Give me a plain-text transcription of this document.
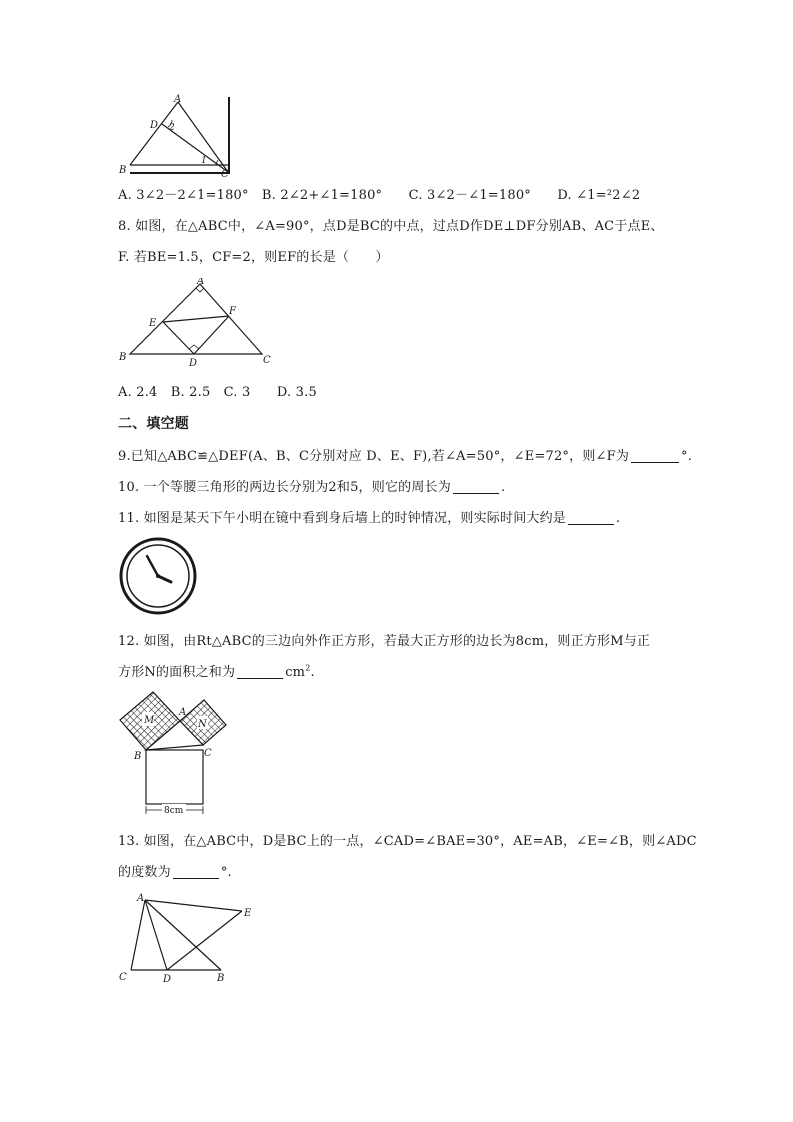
A
B	C
D 2
1
A. 3∠2－2∠1=180°　B. 2∠2+∠1=180°　　C. 3∠2－∠1=180°　　D. ∠1=²2∠2
8. 如图，在△ABC中，∠A=90°，点D是BC的中点，过点D作DE⊥DF分别AB、AC于点E、
F. 若BE=1.5，CF=2，则EF的长是（　　）
A
B	C
D
E
F
A. 2.4　B. 2.5　C. 3　　D. 3.5
二、填空题
9.已知△ABC≌△DEF(A、B、C分别对应 D、E、F),若∠A=50°，∠E=72°，则∠F为	°.
10. 一个等腰三角形的两边长分别为2和5，则它的周长为	.
11. 如图是某天下午小明在镜中看到身后墙上的时钟情况，则实际时间大约是	.
12. 如图，由Rt△ABC的三边向外作正方形，若最大正方形的边长为8cm，则正方形M与正
方形N的面积之和为	$cm^2$.
M	N
A
B	C
8cm
13. 如图，在△ABC中，D是BC上的一点，∠CAD=∠BAE=30°，AE=AB，∠E=∠B，则∠ADC
的度数为	°.
A
C	D	B
E
